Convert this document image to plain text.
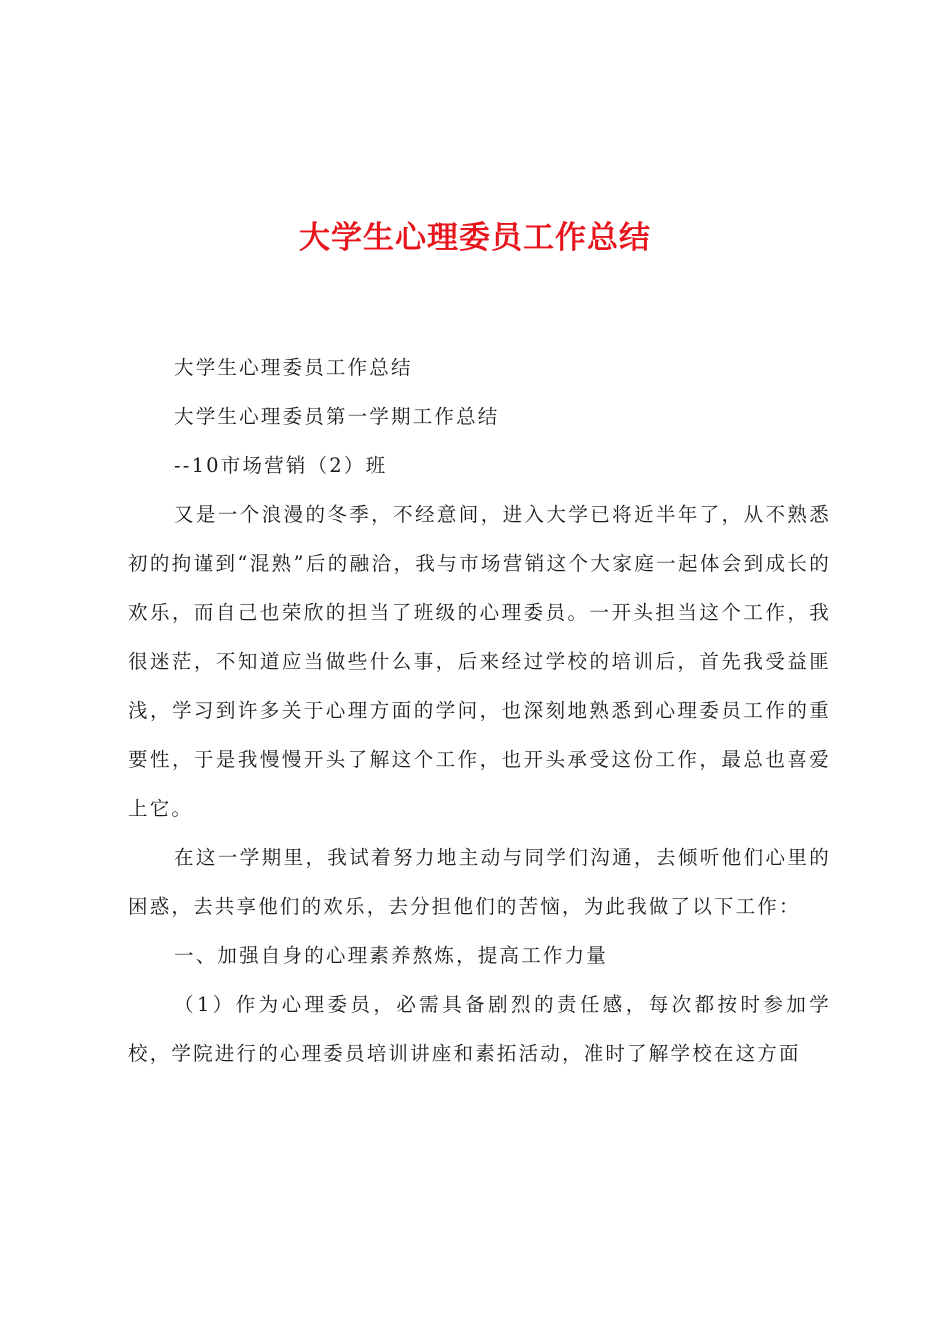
大学生心理委员工作总结

大学生心理委员工作总结

大学生心理委员第一学期工作总结

--10市场营销（2）班

又是一个浪漫的冬季，不经意间，进入大学已将近半年了，从不熟悉初的拘谨到“混熟”后的融洽，我与市场营销这个大家庭一起体会到成长的欢乐，而自己也荣欣的担当了班级的心理委员。一开头担当这个工作，我很迷茫，不知道应当做些什么事，后来经过学校的培训后，首先我受益匪浅，学习到许多关于心理方面的学问，也深刻地熟悉到心理委员工作的重要性，于是我慢慢开头了解这个工作，也开头承受这份工作，最总也喜爱上它。

在这一学期里，我试着努力地主动与同学们沟通，去倾听他们心里的困惑，去共享他们的欢乐，去分担他们的苦恼，为此我做了以下工作：

一、加强自身的心理素养熬炼，提高工作力量

（1）作为心理委员，必需具备剧烈的责任感，每次都按时参加学校，学院进行的心理委员培训讲座和素拓活动，准时了解学校在这方面
